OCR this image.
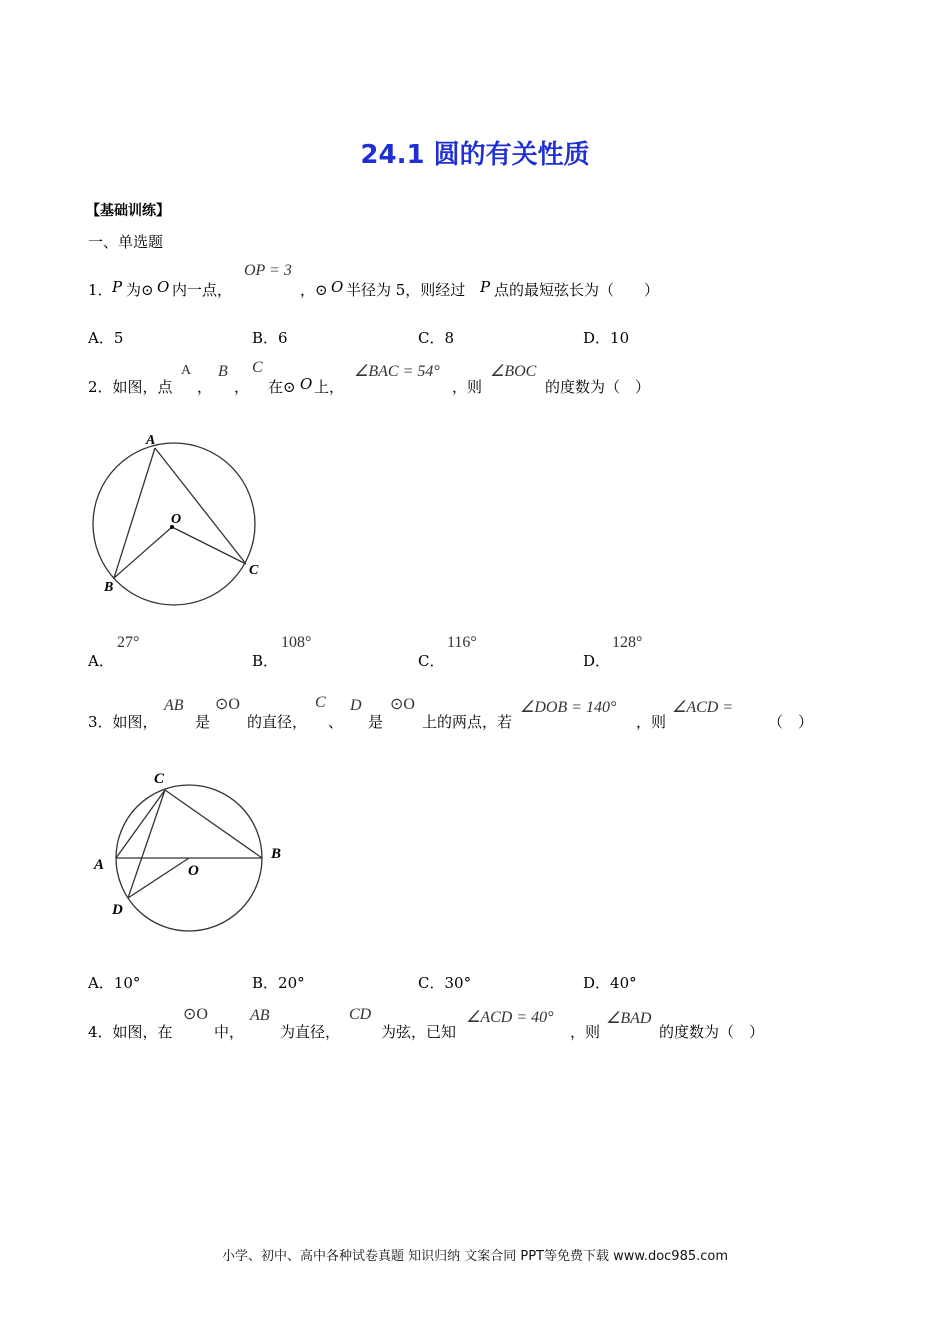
24.1 圆的有关性质
【基础训练】
一、单选题
1． P 为⊙ O 内一点，
OP = 3
，⊙ O 半径为 5，则经过 P 点的最短弦长为（　　）
A．5	B．6	C．8	D．10
2．如图，点
A
，
B
，
C
在⊙ O 上，
∠BAC = 54°
，则
∠BOC
的度数为（　）
A
O
B
C
A．
27°
B．
108°
C．
116°
D．
128°
3．如图，
AB
是
⊙O
的直径，
C
、
D
是
⊙O
上的两点，若
∠DOB = 140°
，则
∠ACD =
（　）
C
A	O
B
D
A．10°	B．20°	C．30°	D．40°
4．如图，在
⊙O
中，
AB
为直径，
CD
为弦，已知
∠ACD = 40°
，则
∠BAD
的度数为（　）
小学、初中、高中各种试卷真题 知识归纳 文案合同 PPT等免费下载 www.doc985.com
